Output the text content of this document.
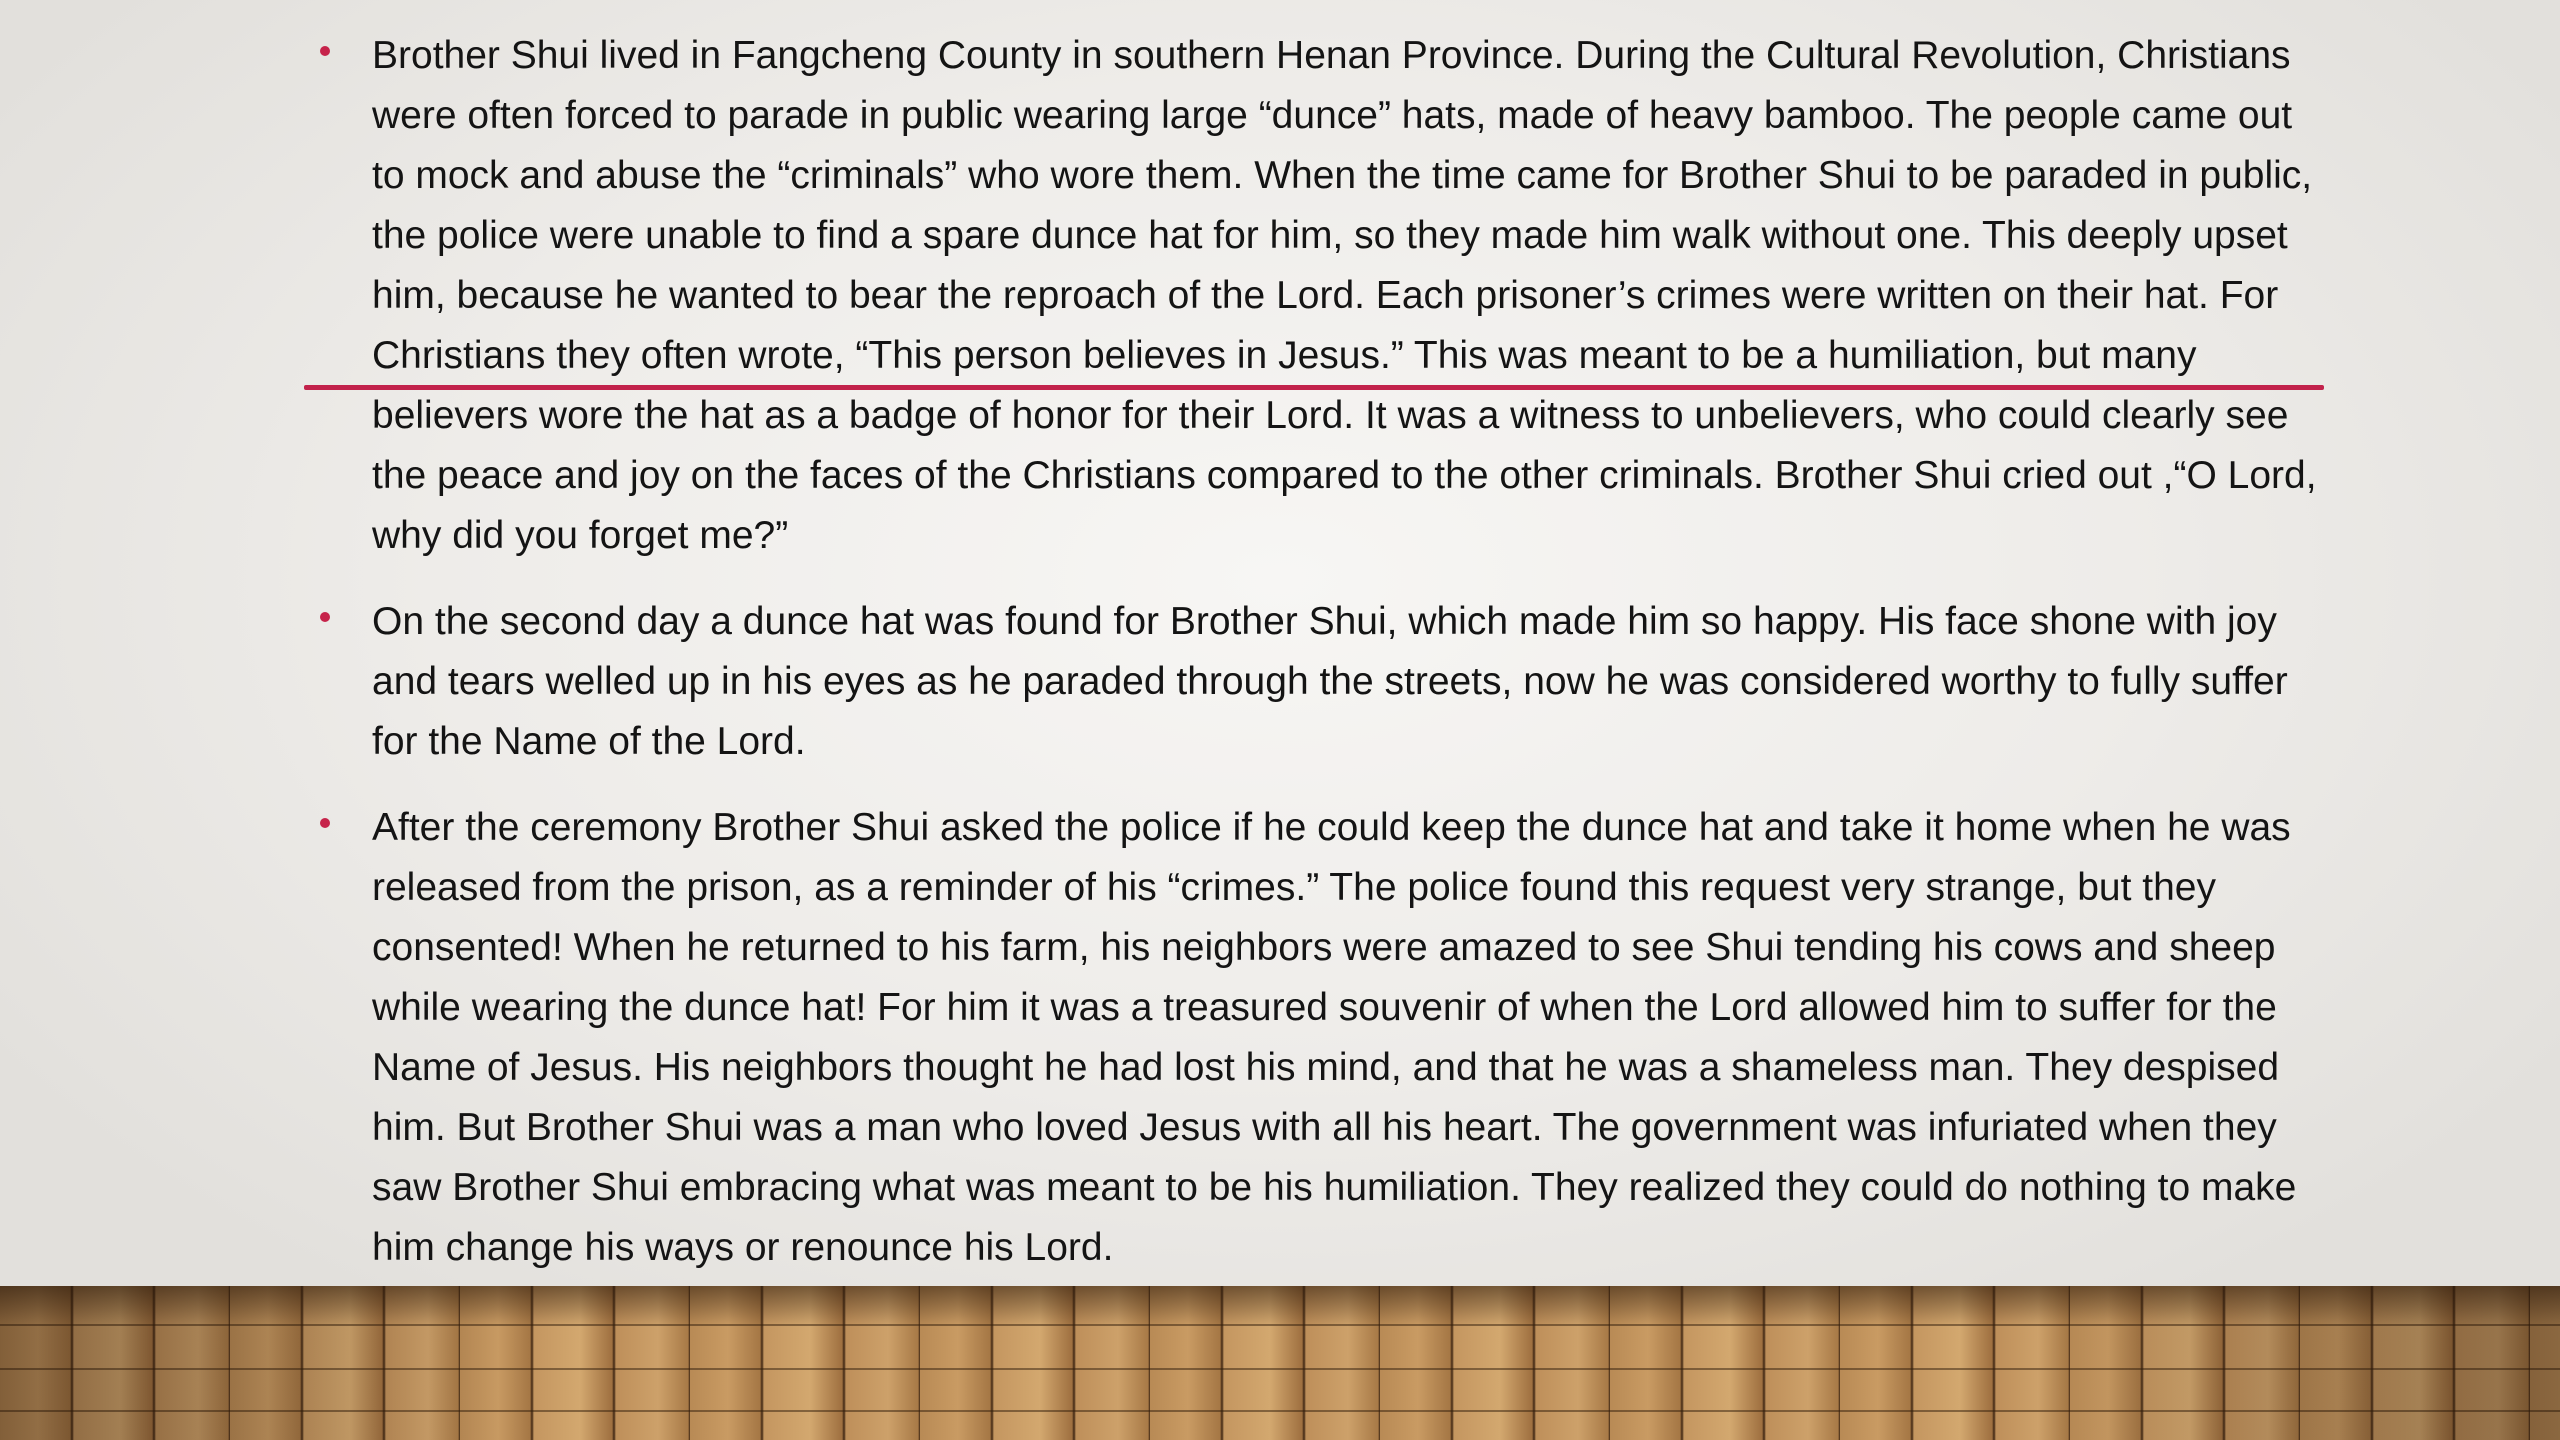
Brother Shui lived in Fangcheng County in southern Henan Province. During the Cultural Revolution, Christians were often forced to parade in public wearing large “dunce” hats, made of heavy bamboo. The people came out to mock and abuse the “criminals” who wore them. When the time came for Brother Shui to be paraded in public, the police were unable to find a spare dunce hat for him, so they made him walk without one. This deeply upset him, because he wanted to bear the reproach of the Lord. Each prisoner’s crimes were written on their hat. For Christians they often wrote, “This person believes in Jesus.” This was meant to be a humiliation, but many believers wore the hat as a badge of honor for their Lord. It was a witness to unbelievers, who could clearly see the peace and joy on the faces of the Christians compared to the other criminals. Brother Shui cried out ,“O Lord, why did you forget me?”
On the second day a dunce hat was found for Brother Shui, which made him so happy. His face shone with joy and tears welled up in his eyes as he paraded through the streets, now he was considered worthy to fully suffer for the Name of the Lord.
After the ceremony Brother Shui asked the police if he could keep the dunce hat and take it home when he was released from the prison, as a reminder of his “crimes.” The police found this request very strange, but they consented! When he returned to his farm, his neighbors were amazed to see Shui tending his cows and sheep while wearing the dunce hat! For him it was a treasured souvenir of when the Lord allowed him to suffer for the Name of Jesus. His neighbors thought he had lost his mind, and that he was a shameless man. They despised him. But Brother Shui was a man who loved Jesus with all his heart. The government was infuriated when they saw Brother Shui embracing what was meant to be his humiliation. They realized they could do nothing to make him change his ways or renounce his Lord.
